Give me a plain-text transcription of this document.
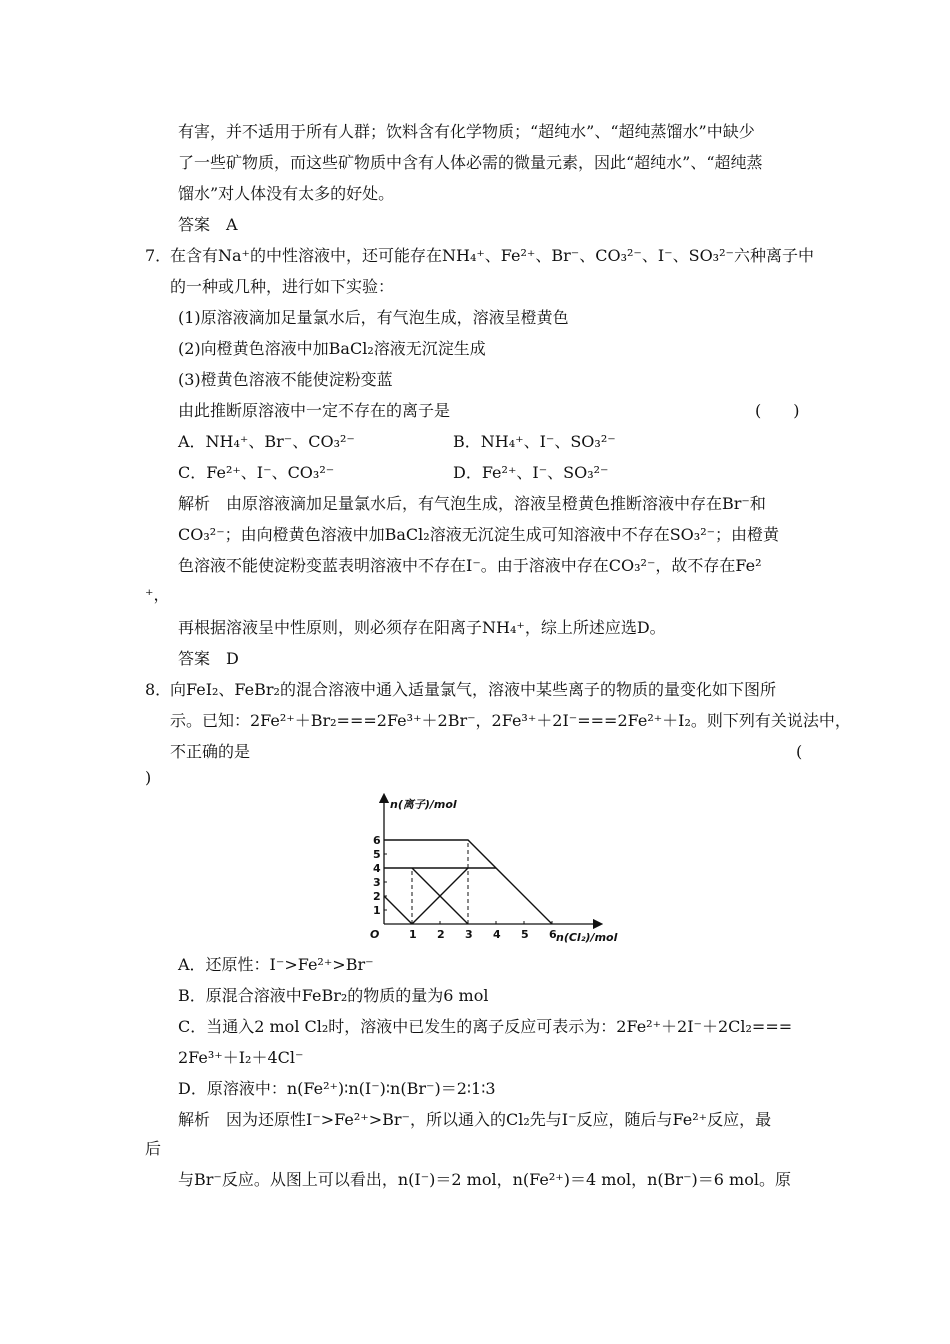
有害，并不适用于所有人群；饮料含有化学物质；“超纯水”、“超纯蒸馏水”中缺少
了一些矿物质，而这些矿物质中含有人体必需的微量元素，因此“超纯水”、“超纯蒸
馏水”对人体没有太多的好处。
答案　A
7．
在含有Na⁺的中性溶液中，还可能存在NH₄⁺、Fe²⁺、Br⁻、CO₃²⁻、I⁻、SO₃²⁻六种离子中
的一种或几种，进行如下实验：
(1)原溶液滴加足量氯水后，有气泡生成，溶液呈橙黄色
(2)向橙黄色溶液中加BaCl₂溶液无沉淀生成
(3)橙黄色溶液不能使淀粉变蓝
由此推断原溶液中一定不存在的离子是	(　　)
A．NH₄⁺、Br⁻、CO₃²⁻	B．NH₄⁺、I⁻、SO₃²⁻
C．Fe²⁺、I⁻、CO₃²⁻	D．Fe²⁺、I⁻、SO₃²⁻
解析　由原溶液滴加足量氯水后，有气泡生成，溶液呈橙黄色推断溶液中存在Br⁻和
CO₃²⁻；由向橙黄色溶液中加BaCl₂溶液无沉淀生成可知溶液中不存在SO₃²⁻；由橙黄
色溶液不能使淀粉变蓝表明溶液中不存在I⁻。由于溶液中存在CO₃²⁻，故不存在Fe²
⁺，
再根据溶液呈中性原则，则必须存在阳离子NH₄⁺，综上所述应选D。
答案　D
8．
向FeI₂、FeBr₂的混合溶液中通入适量氯气，溶液中某些离子的物质的量变化如下图所
示。已知：2Fe²⁺＋Br₂===2Fe³⁺＋2Br⁻，2Fe³⁺＋2I⁻===2Fe²⁺＋I₂。则下列有关说法中，
不正确的是	(
)
1 2 3 4 5 6
1
2
3
4
5
6
n(离子)/mol
n(Cl₂)/mol
O
A．还原性：I⁻>Fe²⁺>Br⁻
B．原混合溶液中FeBr₂的物质的量为6 mol
C．当通入2 mol Cl₂时，溶液中已发生的离子反应可表示为：2Fe²⁺＋2I⁻＋2Cl₂===
2Fe³⁺＋I₂＋4Cl⁻
D．原溶液中：n(Fe²⁺)∶n(I⁻)∶n(Br⁻)＝2∶1∶3
解析　因为还原性I⁻>Fe²⁺>Br⁻，所以通入的Cl₂先与I⁻反应，随后与Fe²⁺反应，最
后
与Br⁻反应。从图上可以看出，n(I⁻)＝2 mol，n(Fe²⁺)＝4 mol，n(Br⁻)＝6 mol。原
